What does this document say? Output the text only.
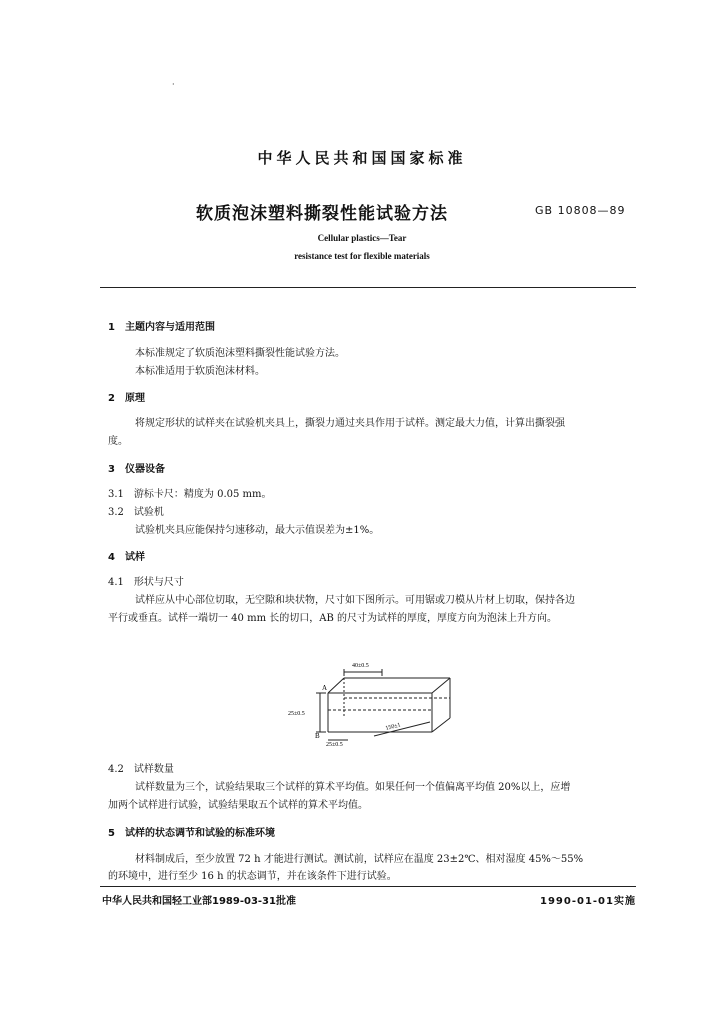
·
中华人民共和国国家标准
软质泡沫塑料撕裂性能试验方法	GB 10808—89
Cellular plastics—Tear
resistance test for flexible materials
1　主题内容与适用范围
本标准规定了软质泡沫塑料撕裂性能试验方法。
本标准适用于软质泡沫材料。
2　原理
将规定形状的试样夹在试验机夹具上，撕裂力通过夹具作用于试样。测定最大力值，计算出撕裂强
度。
3　仪器设备
3.1　游标卡尺：精度为 0.05 mm。
3.2　试验机
试验机夹具应能保持匀速移动，最大示值误差为±1%。
4　试样
4.1　形状与尺寸
试样应从中心部位切取，无空隙和块状物，尺寸如下图所示。可用锯或刀模从片材上切取，保持各边
平行或垂直。试样一端切一 40 mm 长的切口，AB 的尺寸为试样的厚度，厚度方向为泡沫上升方向。
40±0.5
25±0.5
25±0.5
150±1
A
B
4.2　试样数量
试样数量为三个，试验结果取三个试样的算术平均值。如果任何一个值偏离平均值 20%以上，应增
加两个试样进行试验，试验结果取五个试样的算术平均值。
5　试样的状态调节和试验的标准环境
材料制成后，至少放置 72 h 才能进行测试。测试前，试样应在温度 23±2℃、相对湿度 45%～55%
的环境中，进行至少 16 h 的状态调节，并在该条件下进行试验。
中华人民共和国轻工业部1989-03-31批准	1990-01-01实施
